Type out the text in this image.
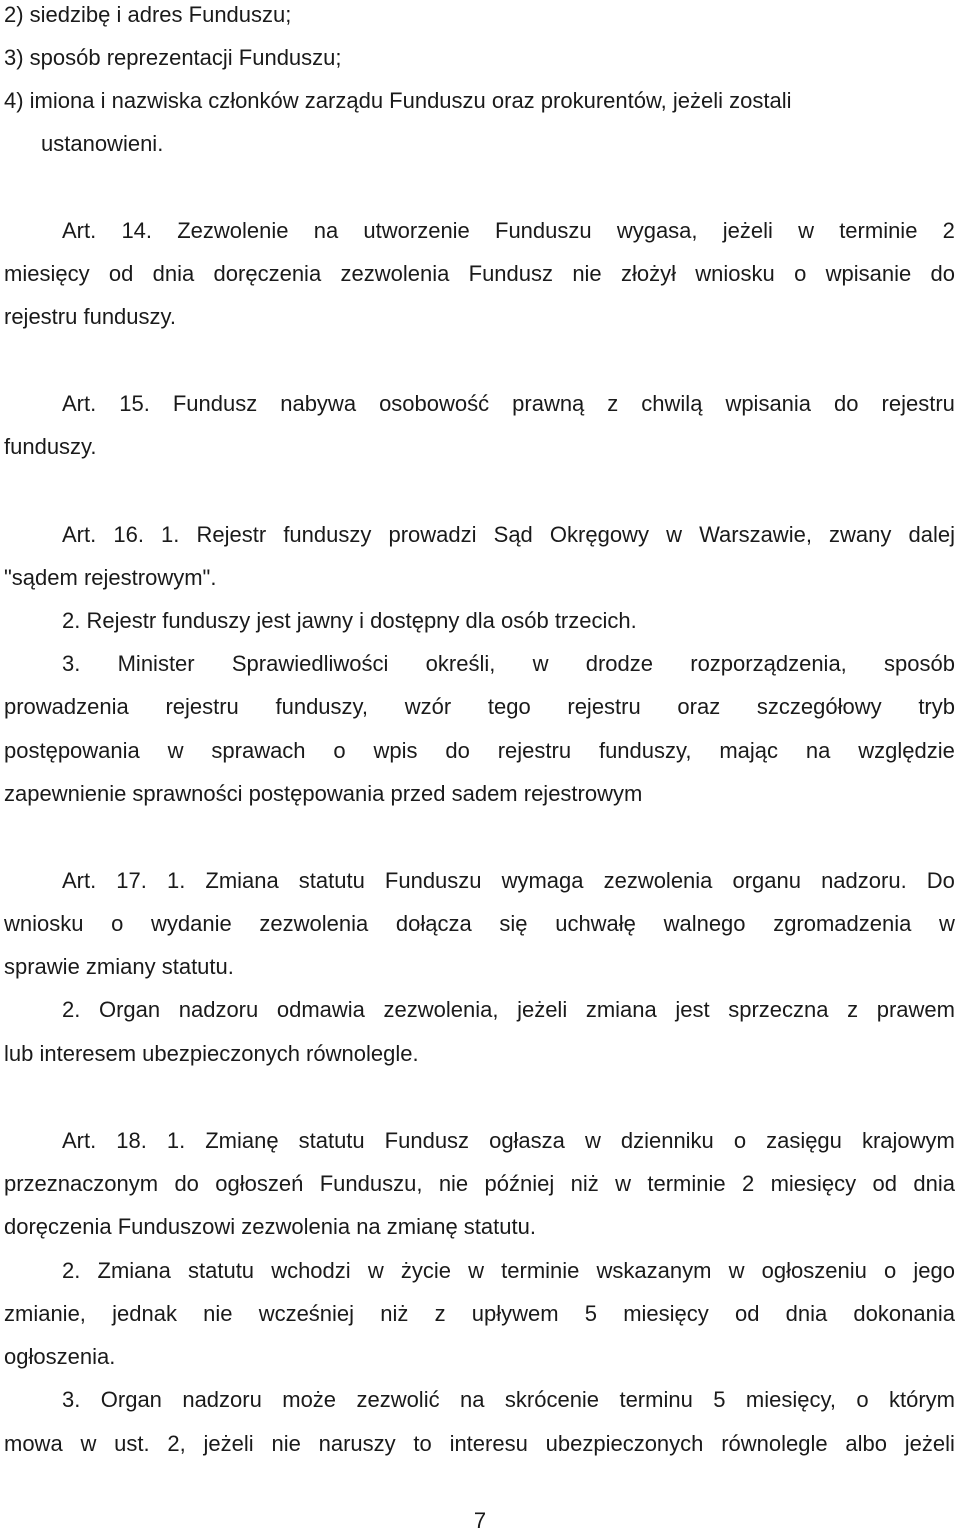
2) siedzibę i adres Funduszu;

3) sposób reprezentacji Funduszu;

4) imiona i nazwiska członków zarządu Funduszu oraz prokurentów, jeżeli zostali

ustanowieni.

Art. 14. Zezwolenie na utworzenie Funduszu wygasa, jeżeli w terminie 2
miesięcy od dnia doręczenia zezwolenia Fundusz nie złożył wniosku o wpisanie do

rejestru funduszy.

Art. 15. Fundusz nabywa osobowość prawną z chwilą wpisania do rejestru

funduszy.

Art. 16. 1. Rejestr funduszy prowadzi Sąd Okręgowy w Warszawie, zwany dalej

"sądem rejestrowym".

2. Rejestr funduszy jest jawny i dostępny dla osób trzecich.

3. Minister Sprawiedliwości określi, w drodze rozporządzenia, sposób
prowadzenia rejestru funduszy, wzór tego rejestru oraz szczegółowy tryb
postępowania w sprawach o wpis do rejestru funduszy, mając na względzie

zapewnienie sprawności postępowania przed sadem rejestrowym

Art. 17. 1. Zmiana statutu Funduszu wymaga zezwolenia organu nadzoru. Do
wniosku o wydanie zezwolenia dołącza się uchwałę walnego zgromadzenia w

sprawie zmiany statutu.

2. Organ nadzoru odmawia zezwolenia, jeżeli zmiana jest sprzeczna z prawem

lub interesem ubezpieczonych równolegle.

Art. 18. 1. Zmianę statutu Fundusz ogłasza w dzienniku o zasięgu krajowym
przeznaczonym do ogłoszeń Funduszu, nie później niż w terminie 2 miesięcy od dnia

doręczenia Funduszowi zezwolenia na zmianę statutu.

2. Zmiana statutu wchodzi w życie w terminie wskazanym w ogłoszeniu o jego
zmianie, jednak nie wcześniej niż z upływem 5 miesięcy od dnia dokonania

ogłoszenia.

3. Organ nadzoru może zezwolić na skrócenie terminu 5 miesięcy, o którym
mowa w ust. 2, jeżeli nie naruszy to interesu ubezpieczonych równolegle albo jeżeli
7
